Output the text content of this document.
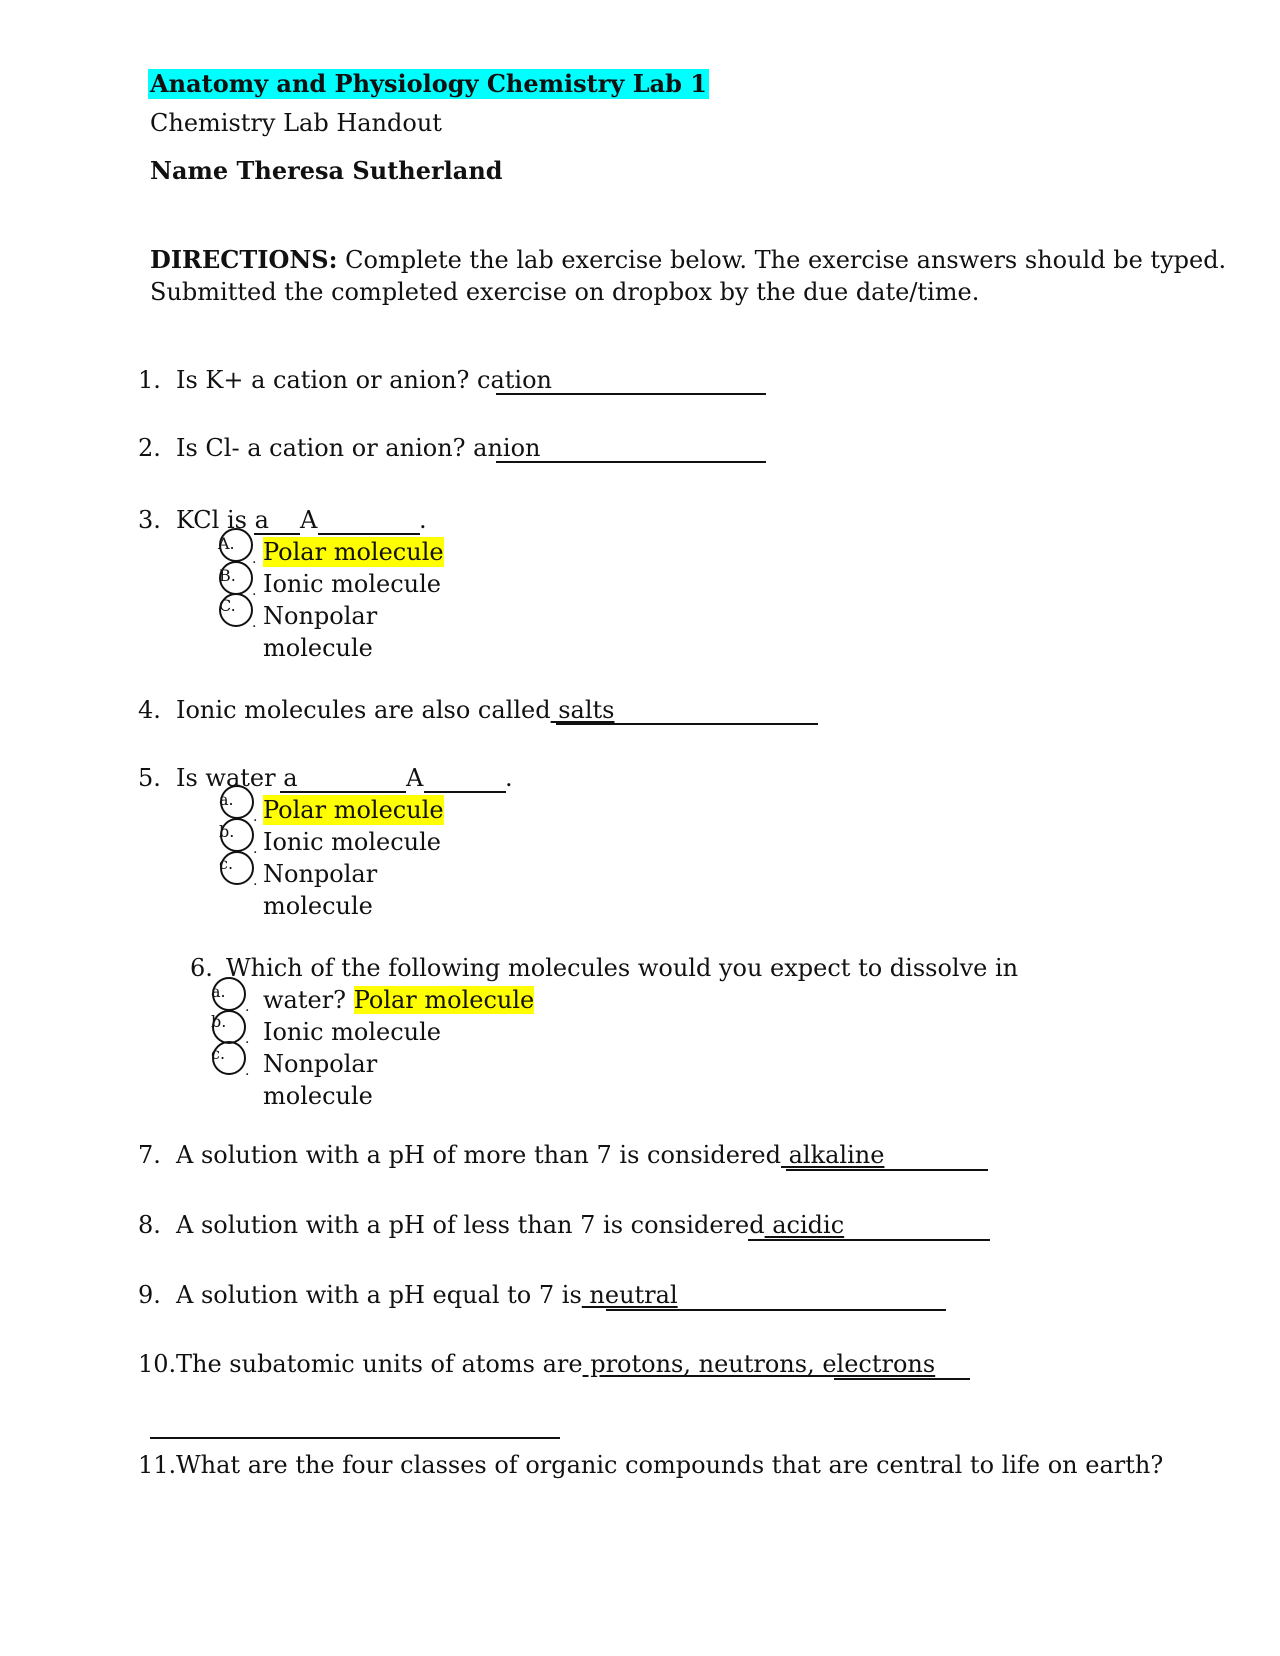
Anatomy and Physiology Chemistry Lab 1
Chemistry Lab Handout
Name Theresa Sutherland
DIRECTIONS: Complete the lab exercise below. The exercise answers should be typed.
Submitted the completed exercise on dropbox by the due date/time.
1. Is K+ a cation or anion? cation
2. Is Cl- a cation or anion? anion
3. KCl is a A	.
A.
. Polar molecule
B.
. Ionic molecule
C.
. Nonpolar
molecule
4. Ionic molecules are also called salts
5. Is water a	A	.
a.
. Polar molecule
b.
. Ionic molecule
c.
. Nonpolar
molecule
6. Which of the following molecules would you expect to dissolve in
a.
. water? Polar molecule
b.
. Ionic molecule
c.
. Nonpolar
molecule
7. A solution with a pH of more than 7 is considered alkaline
8. A solution with a pH of less than 7 is considered acidic
9. A solution with a pH equal to 7 is neutral
10. The subatomic units of atoms are protons, neutrons, electrons
11. What are the four classes of organic compounds that are central to life on earth?
